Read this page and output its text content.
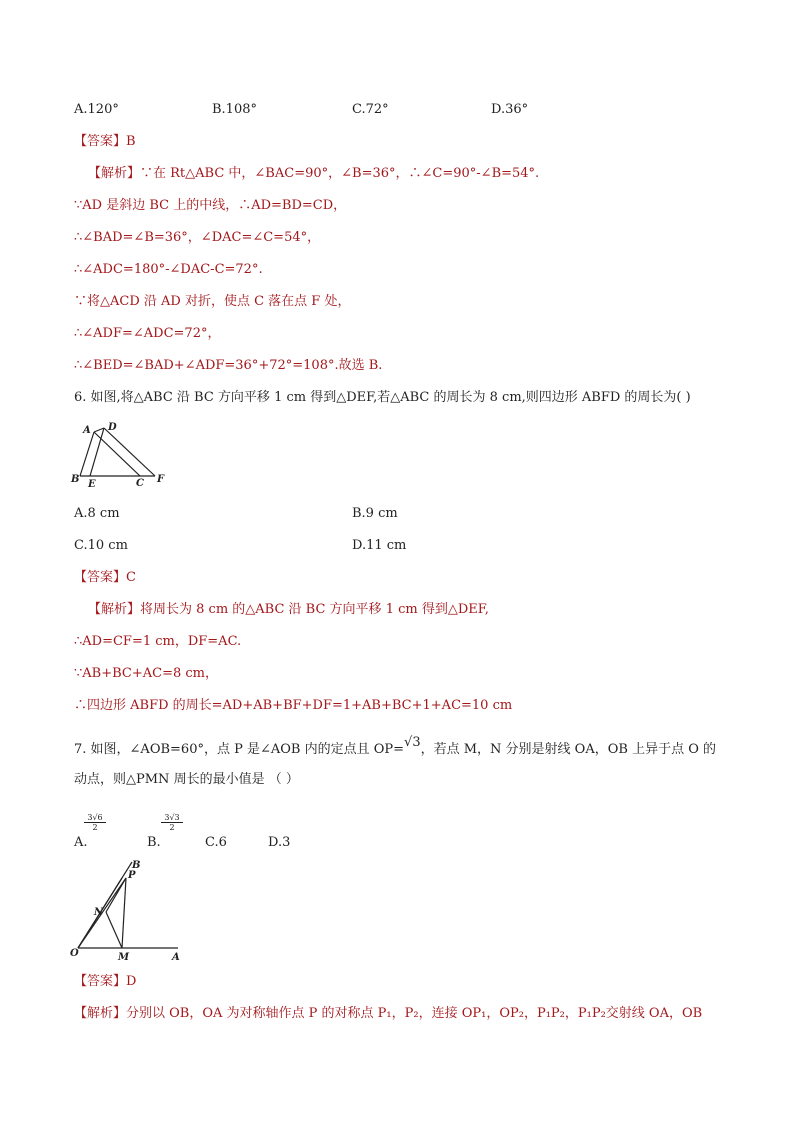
A.120°	B.108°	C.72°	D.36°
【答案】B
【解析】∵在 Rt△ABC 中，∠BAC=90°，∠B=36°，∴∠C=90°-∠B=54°.
∵AD 是斜边 BC 上的中线，∴AD=BD=CD，
∴∠BAD=∠B=36°，∠DAC=∠C=54°，
∴∠ADC=180°-∠DAC-C=72°.
∵将△ACD 沿 AD 对折，使点 C 落在点 F 处，
∴∠ADF=∠ADC=72°，
∴∠BED=∠BAD+∠ADF=36°+72°=108°.故选 B.
6. 如图,将△ABC 沿 BC 方向平移 1 cm 得到△DEF,若△ABC 的周长为 8 cm,则四边形 ABFD 的周长为( )
A D
B E	C F
A.8 cm	B.9 cm
C.10 cm	D.11 cm
【答案】C
【解析】将周长为 8 cm 的△ABC 沿 BC 方向平移 1 cm 得到△DEF,
∴AD=CF=1 cm，DF=AC.
∵AB+BC+AC=8 cm，
∴四边形 ABFD 的周长=AD+AB+BF+DF=1+AB+BC+1+AC=10 cm
7. 如图，∠AOB=60°，点 P 是∠AOB 内的定点且 OP=√3，若点 M，N 分别是射线 OA，OB 上异于点 O 的
动点，则△PMN 周长的最小值是 （ ）
$\frac{3√6}{2}$
A.
$\frac{3√3}{2}$
B.	C.6	D.3
B
P
N
O	M	A
【答案】D
【解析】分别以 OB，OA 为对称轴作点 P 的对称点 P₁，P₂，连接 OP₁，OP₂，P₁P₂，P₁P₂交射线 OA，OB
